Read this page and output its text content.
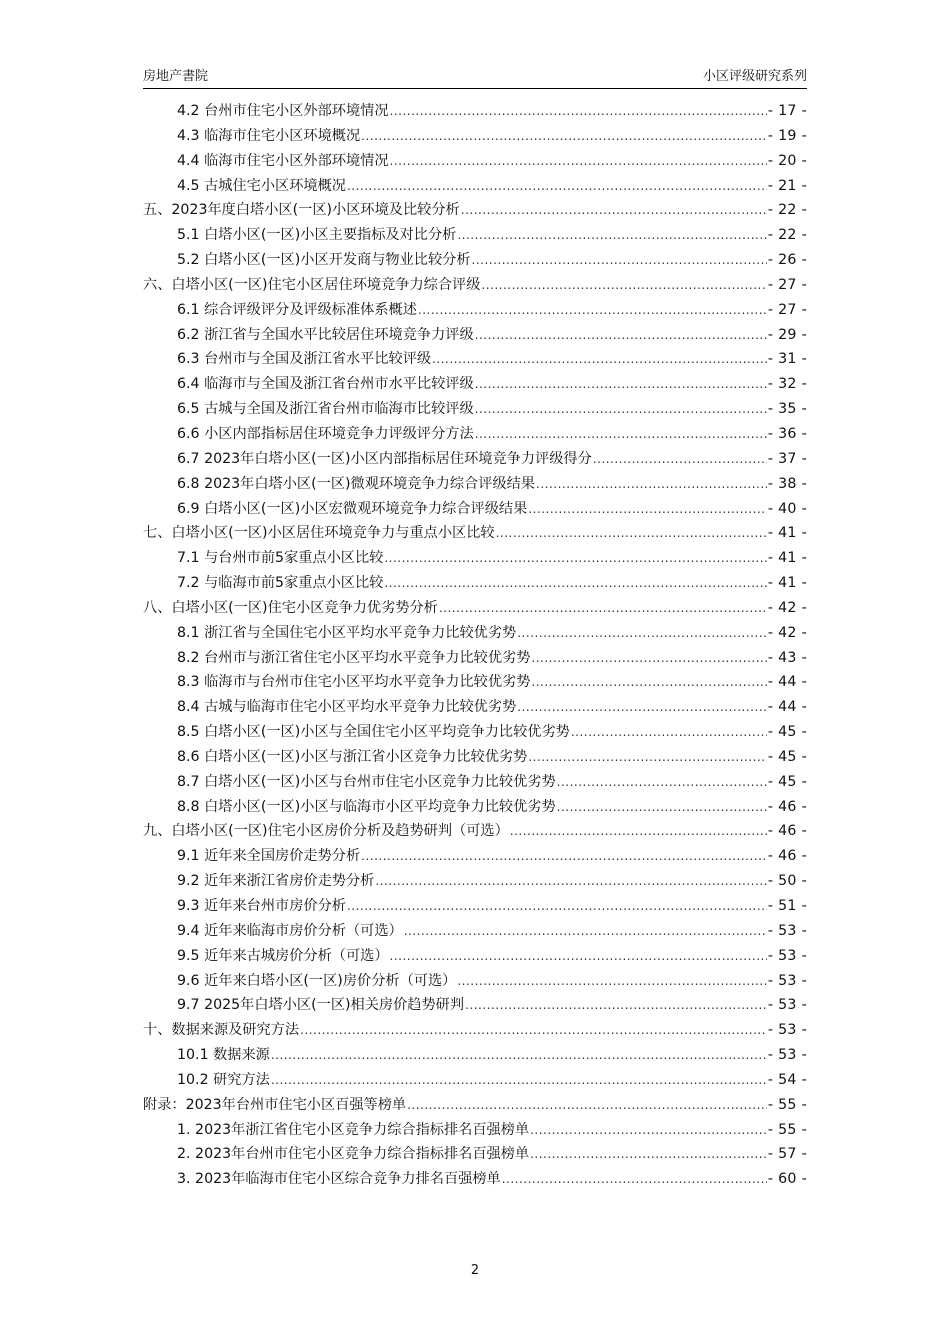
房地产書院	小区评级研究系列
4.2 台州市住宅小区外部环境情况 .....	- 17 -
4.3 临海市住宅小区环境概况 .....	- 19 -
4.4 临海市住宅小区外部环境情况 .....	- 20 -
4.5 古城住宅小区环境概况 .....	- 21 -
五、2023年度白塔小区(一区)小区环境及比较分析 .....	- 22 -
5.1 白塔小区(一区)小区主要指标及对比分析 .....	- 22 -
5.2 白塔小区(一区)小区开发商与物业比较分析 .....	- 26 -
六、白塔小区(一区)住宅小区居住环境竞争力综合评级 .....	- 27 -
6.1 综合评级评分及评级标准体系概述 .....	- 27 -
6.2 浙江省与全国水平比较居住环境竞争力评级 .....	- 29 -
6.3 台州市与全国及浙江省水平比较评级 .....	- 31 -
6.4 临海市与全国及浙江省台州市水平比较评级 .....	- 32 -
6.5 古城与全国及浙江省台州市临海市比较评级 .....	- 35 -
6.6 小区内部指标居住环境竞争力评级评分方法 .....	- 36 -
6.7 2023年白塔小区(一区)小区内部指标居住环境竞争力评级得分 .....	- 37 -
6.8 2023年白塔小区(一区)微观环境竞争力综合评级结果 .....	- 38 -
6.9 白塔小区(一区)小区宏微观环境竞争力综合评级结果 .....	- 40 -
七、白塔小区(一区)小区居住环境竞争力与重点小区比较 .....	- 41 -
7.1 与台州市前5家重点小区比较 .....	- 41 -
7.2 与临海市前5家重点小区比较 .....	- 41 -
八、白塔小区(一区)住宅小区竞争力优劣势分析 .....	- 42 -
8.1 浙江省与全国住宅小区平均水平竞争力比较优劣势 .....	- 42 -
8.2 台州市与浙江省住宅小区平均水平竞争力比较优劣势 .....	- 43 -
8.3 临海市与台州市住宅小区平均水平竞争力比较优劣势 .....	- 44 -
8.4 古城与临海市住宅小区平均水平竞争力比较优劣势 .....	- 44 -
8.5 白塔小区(一区)小区与全国住宅小区平均竞争力比较优劣势 .....	- 45 -
8.6 白塔小区(一区)小区与浙江省小区竞争力比较优劣势 .....	- 45 -
8.7 白塔小区(一区)小区与台州市住宅小区竞争力比较优劣势 .....	- 45 -
8.8 白塔小区(一区)小区与临海市小区平均竞争力比较优劣势 .....	- 46 -
九、白塔小区(一区)住宅小区房价分析及趋势研判（可选） .....	- 46 -
9.1 近年来全国房价走势分析 .....	- 46 -
9.2 近年来浙江省房价走势分析 .....	- 50 -
9.3 近年来台州市房价分析 .....	- 51 -
9.4 近年来临海市房价分析（可选） .....	- 53 -
9.5 近年来古城房价分析（可选） .....	- 53 -
9.6 近年来白塔小区(一区)房价分析（可选） .....	- 53 -
9.7 2025年白塔小区(一区)相关房价趋势研判 .....	- 53 -
十、数据来源及研究方法 .....	- 53 -
10.1 数据来源 .....	- 53 -
10.2 研究方法 .....	- 54 -
附录：2023年台州市住宅小区百强等榜单 .....	- 55 -
1. 2023年浙江省住宅小区竞争力综合指标排名百强榜单 .....	- 55 -
2. 2023年台州市住宅小区竞争力综合指标排名百强榜单 .....	- 57 -
3. 2023年临海市住宅小区综合竞争力排名百强榜单 .....	- 60 -
2
